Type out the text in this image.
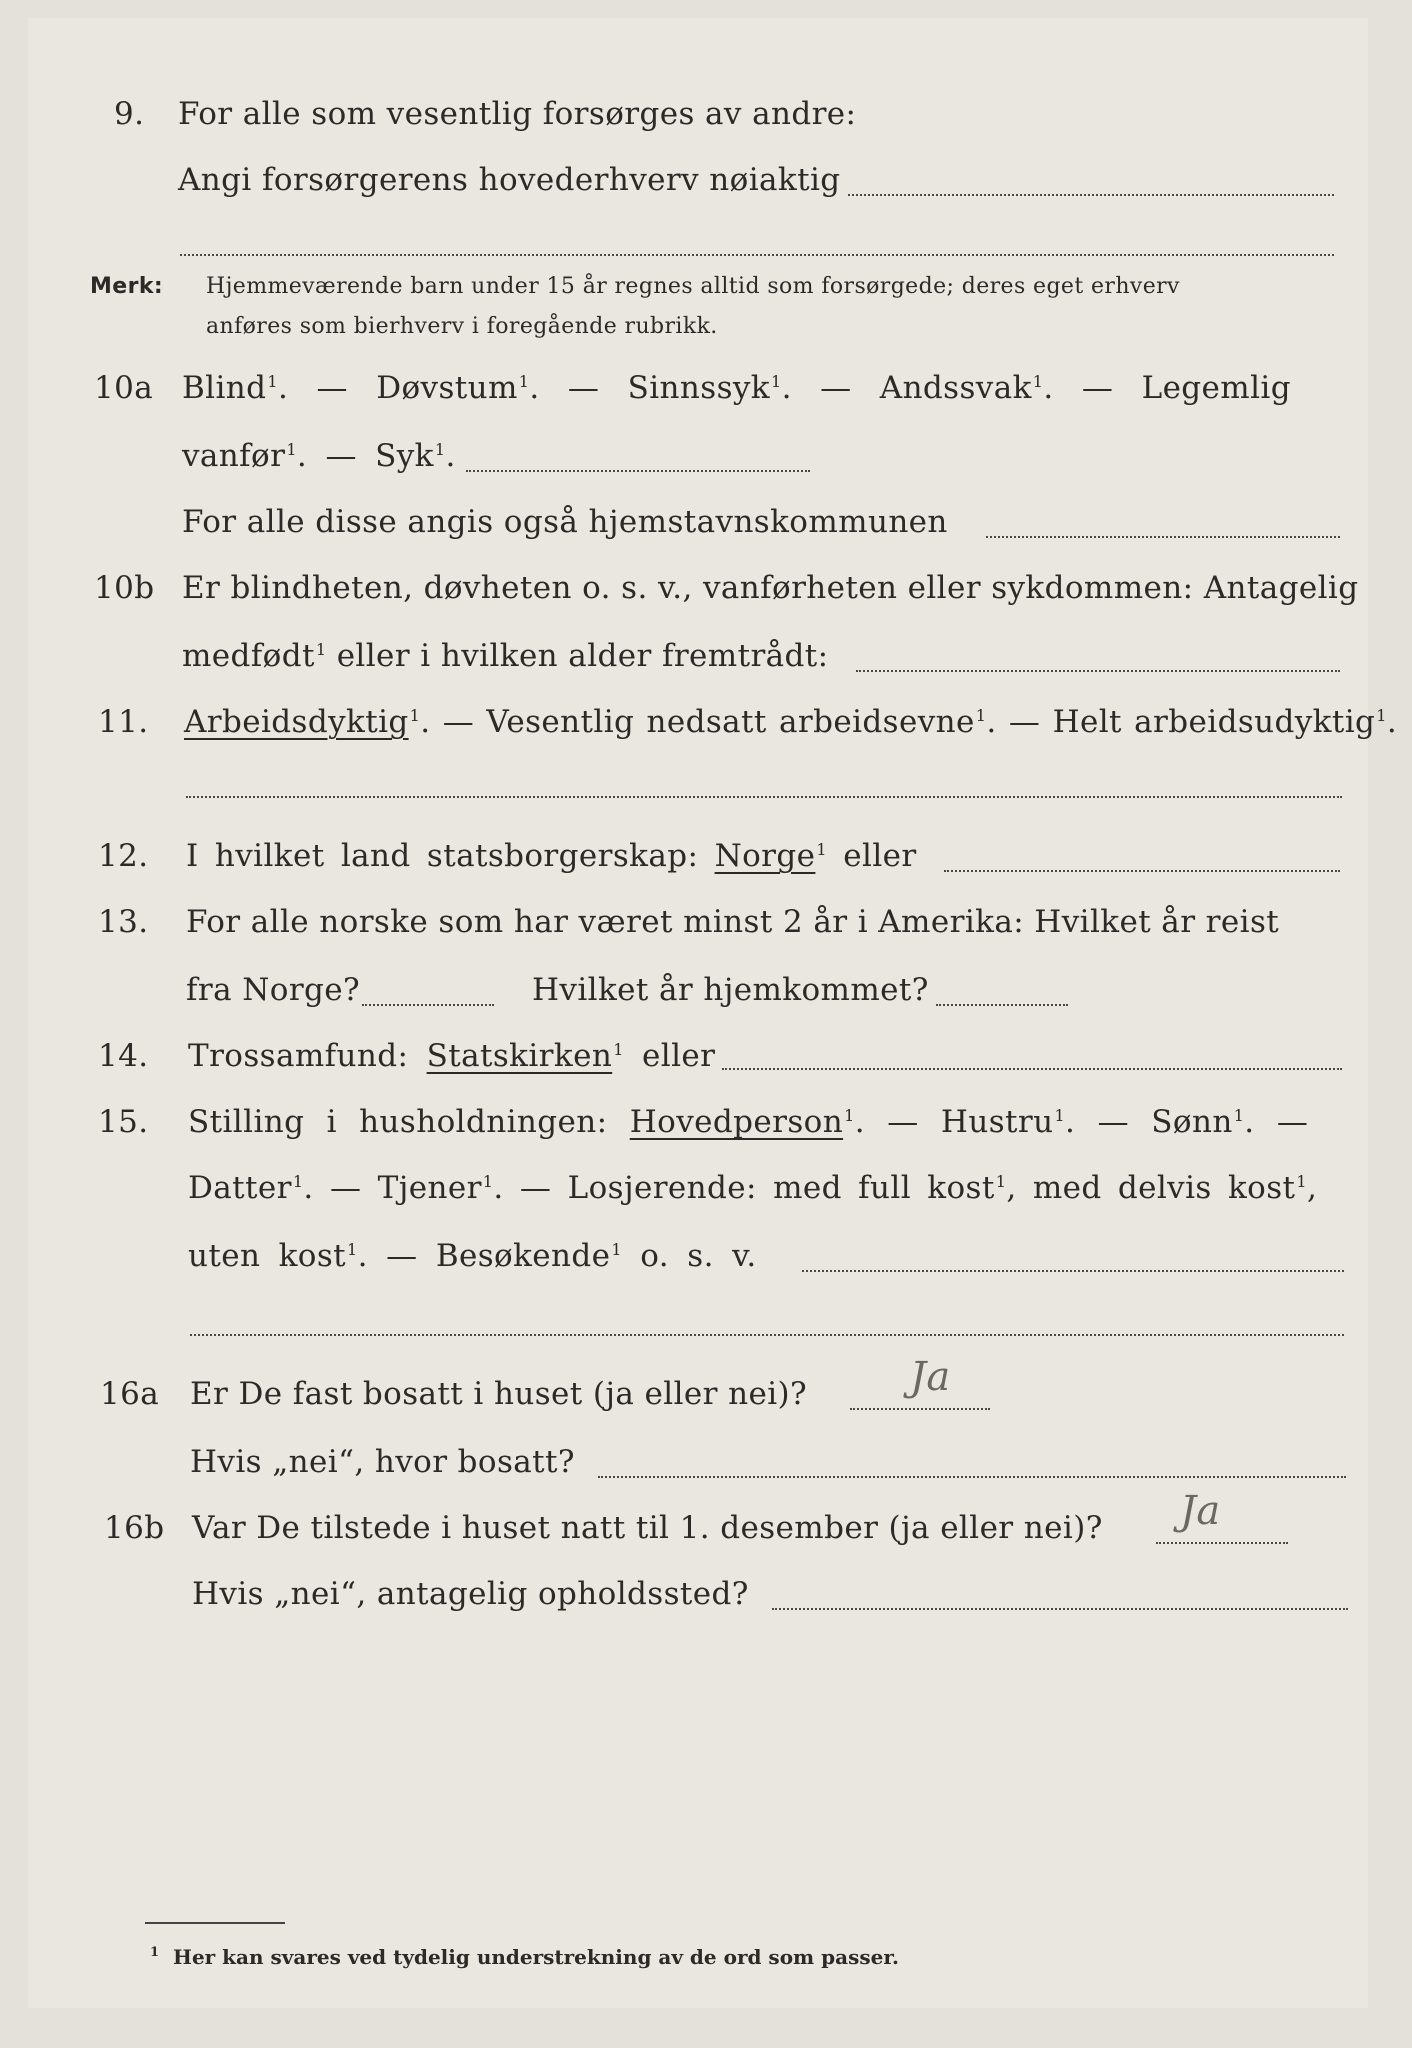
9. For alle som vesentlig forsørges av andre:
Angi forsørgerens hovederhverv nøiaktig
Merk: Hjemmeværende barn under 15 år regnes alltid som forsørgede; deres eget erhverv
anføres som bierhverv i foregående rubrikk.
10a Blind$^1$. — Døvstum$^1$. — Sinnssyk$^1$. — Andssvak$^1$. — Legemlig
vanfør$^1$. — Syk$^1$.
For alle disse angis også hjemstavnskommunen
10b Er blindheten, døvheten o. s. v., vanførheten eller sykdommen: Antagelig
medfødt$^1$ eller i hvilken alder fremtrådt:
11. Arbeidsdyktig$^1$. — Vesentlig nedsatt arbeidsevne$^1$. — Helt arbeidsudyktig$^1$.
12. I hvilket land statsborgerskap: Norge$^1$ eller
13. For alle norske som har været minst 2 år i Amerika: Hvilket år reist
fra Norge?	Hvilket år hjemkommet?
14. Trossamfund: Statskirken$^1$ eller
15. Stilling i husholdningen: Hovedperson$^1$. — Hustru$^1$. — Sønn$^1$. —
Datter$^1$. — Tjener$^1$. — Losjerende: med full kost$^1$, med delvis kost$^1$,
uten kost$^1$. — Besøkende$^1$ o. s. v.
16a Er De fast bosatt i huset (ja eller nei)?	Ja
Hvis „nei“, hvor bosatt?
16b Var De tilstede i huset natt til 1. desember (ja eller nei)? Ja
Hvis „nei“, antagelig opholdssted?
$^1$ Her kan svares ved tydelig understrekning av de ord som passer.
